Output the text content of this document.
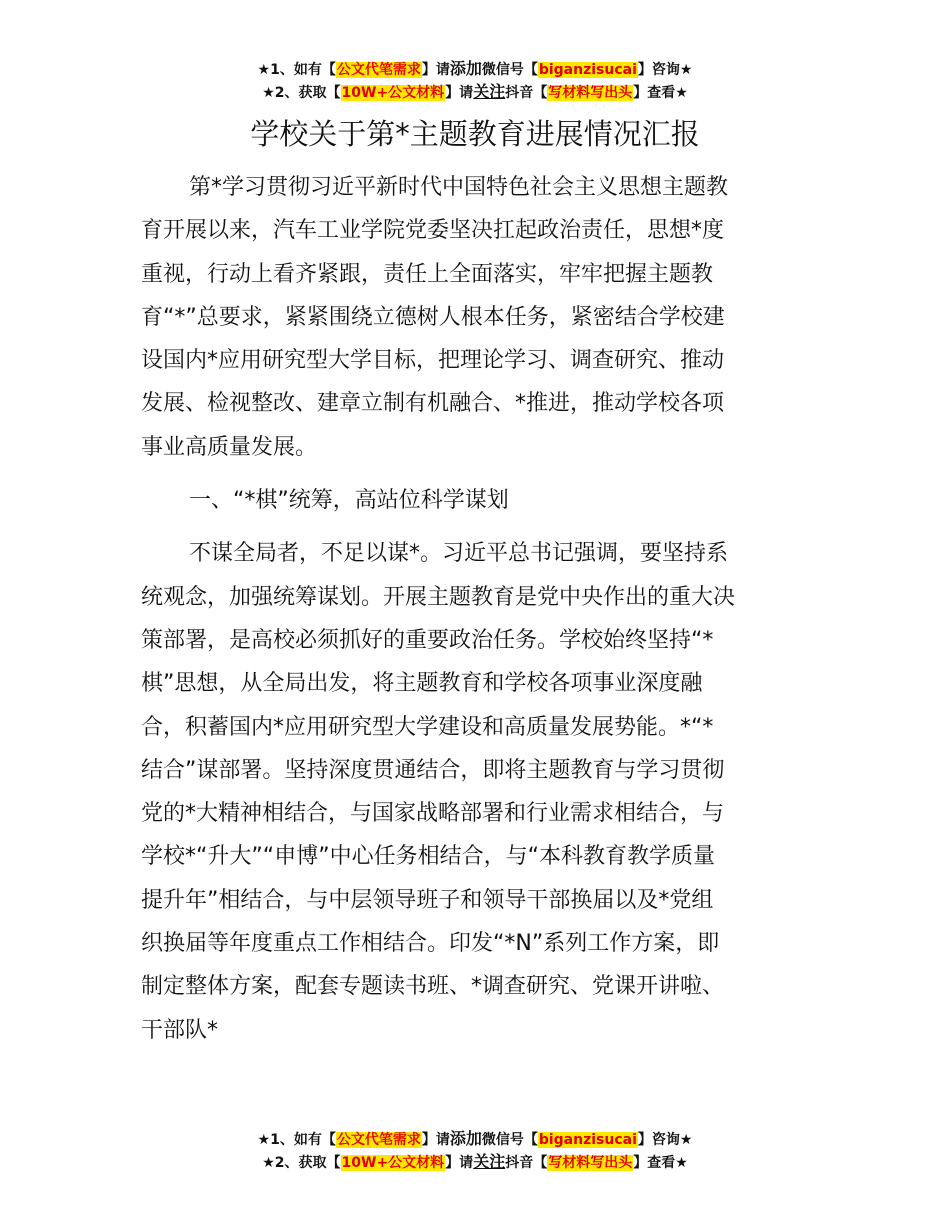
★1、如有【公文代笔需求】请添加微信号【biganzisucai】咨询★
★2、获取【10W+公文材料】请关注抖音【写材料写出头】查看★
学校关于第*主题教育进展情况汇报
第*学习贯彻习近平新时代中国特色社会主义思想主题教
育开展以来，汽车工业学院党委坚决扛起政治责任，思想*度
重视，行动上看齐紧跟，责任上全面落实，牢牢把握主题教
育“*”总要求，紧紧围绕立德树人根本任务，紧密结合学校建
设国内*应用研究型大学目标，把理论学习、调查研究、推动
发展、检视整改、建章立制有机融合、*推进，推动学校各项
事业高质量发展。
一、“*棋”统筹，高站位科学谋划
不谋全局者，不足以谋*。习近平总书记强调，要坚持系
统观念，加强统筹谋划。开展主题教育是党中央作出的重大决
策部署，是高校必须抓好的重要政治任务。学校始终坚持“*
棋”思想，从全局出发，将主题教育和学校各项事业深度融
合，积蓄国内*应用研究型大学建设和高质量发展势能。*“*
结合”谋部署。坚持深度贯通结合，即将主题教育与学习贯彻
党的*大精神相结合，与国家战略部署和行业需求相结合，与
学校*“升大”“申博”中心任务相结合，与“本科教育教学质量
提升年”相结合，与中层领导班子和领导干部换届以及*党组
织换届等年度重点工作相结合。印发“*N”系列工作方案，即
制定整体方案，配套专题读书班、*调查研究、党课开讲啦、
干部队*
★1、如有【公文代笔需求】请添加微信号【biganzisucai】咨询★
★2、获取【10W+公文材料】请关注抖音【写材料写出头】查看★
